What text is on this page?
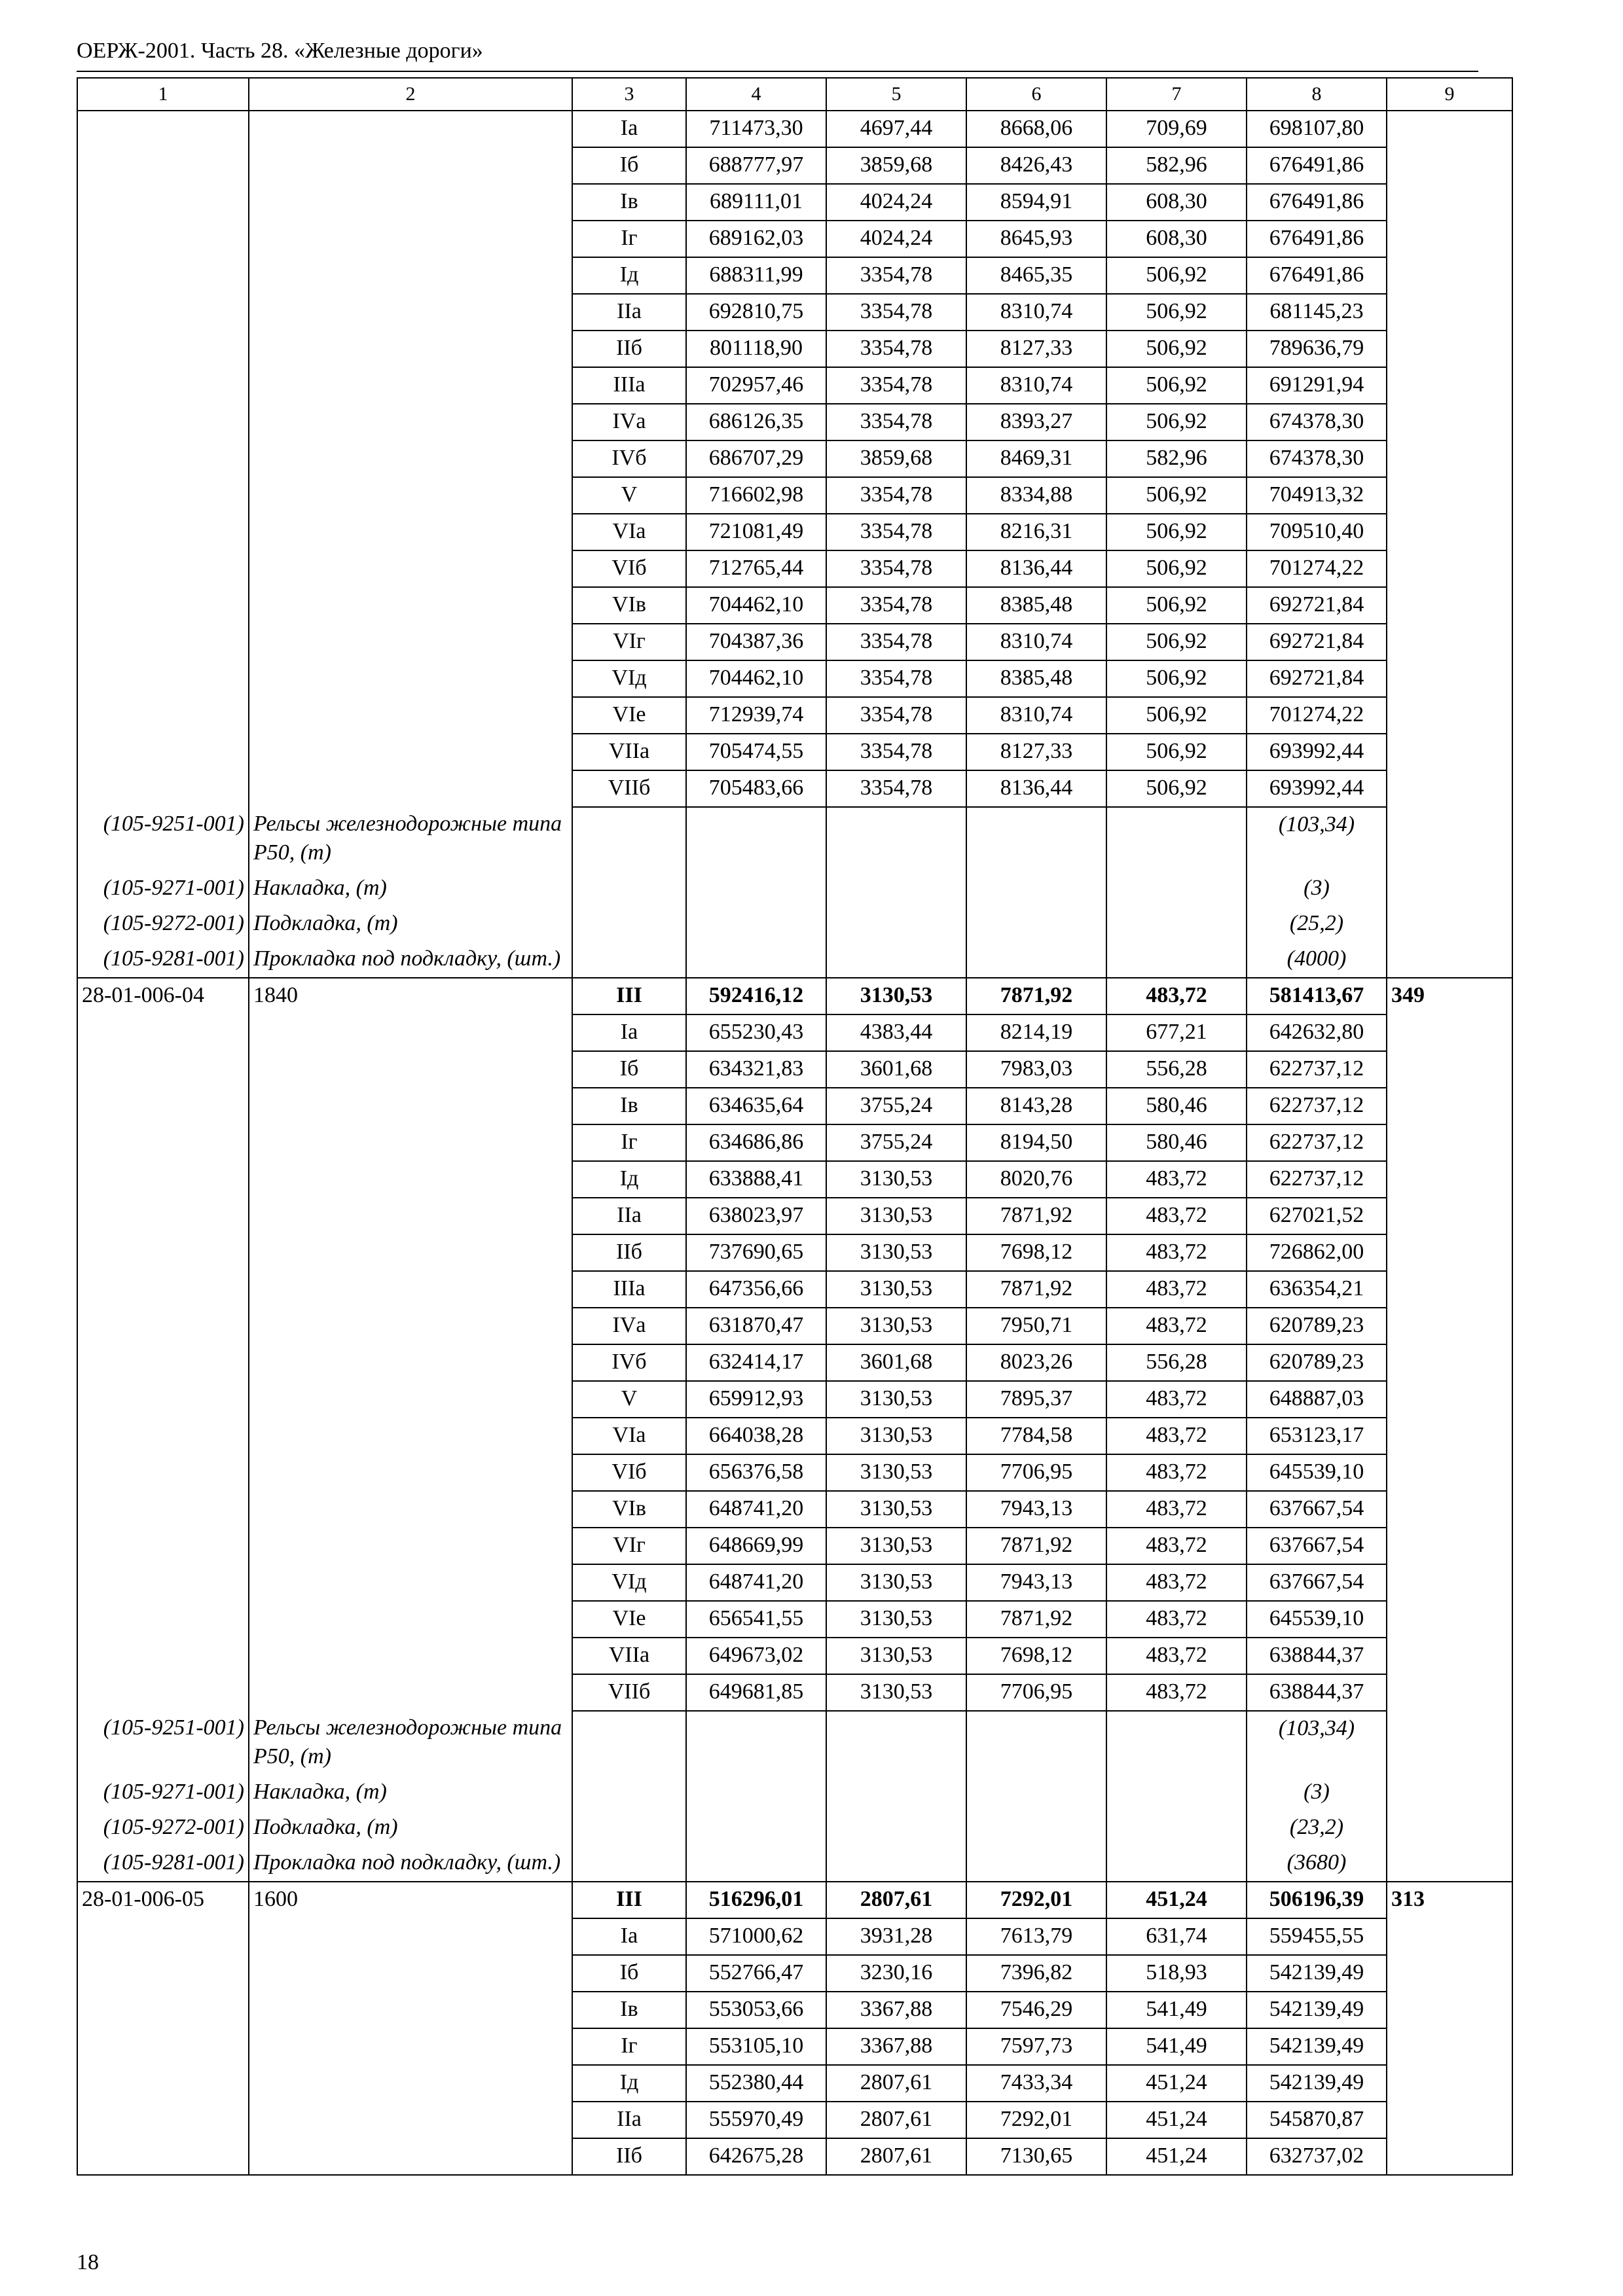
ОЕРЖ-2001. Часть 28. «Железные дороги»
1	2	3	4	5	6	7	8	9
		Iа	711473,30	4697,44	8668,06	709,69	698107,80	
		Iб	688777,97	3859,68	8426,43	582,96	676491,86	
		Iв	689111,01	4024,24	8594,91	608,30	676491,86	
		Iг	689162,03	4024,24	8645,93	608,30	676491,86	
		Iд	688311,99	3354,78	8465,35	506,92	676491,86	
		IIа	692810,75	3354,78	8310,74	506,92	681145,23	
		IIб	801118,90	3354,78	8127,33	506,92	789636,79	
		IIIа	702957,46	3354,78	8310,74	506,92	691291,94	
		IVа	686126,35	3354,78	8393,27	506,92	674378,30	
		IVб	686707,29	3859,68	8469,31	582,96	674378,30	
		V	716602,98	3354,78	8334,88	506,92	704913,32	
		VIа	721081,49	3354,78	8216,31	506,92	709510,40	
		VIб	712765,44	3354,78	8136,44	506,92	701274,22	
		VIв	704462,10	3354,78	8385,48	506,92	692721,84	
		VIг	704387,36	3354,78	8310,74	506,92	692721,84	
		VIд	704462,10	3354,78	8385,48	506,92	692721,84	
		VIе	712939,74	3354,78	8310,74	506,92	701274,22	
		VIIа	705474,55	3354,78	8127,33	506,92	693992,44	
		VIIб	705483,66	3354,78	8136,44	506,92	693992,44	
(105-9251-001)	Рельсы железнодорожные типа Р50, (т)						(103,34)	
(105-9271-001)	Накладка, (т)						(3)	
(105-9272-001)	Подкладка, (т)						(25,2)	
(105-9281-001)	Прокладка под подкладку, (шт.)						(4000)	
28-01-006-04	1840	III	592416,12	3130,53	7871,92	483,72	581413,67	349
		Iа	655230,43	4383,44	8214,19	677,21	642632,80	
		Iб	634321,83	3601,68	7983,03	556,28	622737,12	
		Iв	634635,64	3755,24	8143,28	580,46	622737,12	
		Iг	634686,86	3755,24	8194,50	580,46	622737,12	
		Iд	633888,41	3130,53	8020,76	483,72	622737,12	
		IIа	638023,97	3130,53	7871,92	483,72	627021,52	
		IIб	737690,65	3130,53	7698,12	483,72	726862,00	
		IIIа	647356,66	3130,53	7871,92	483,72	636354,21	
		IVа	631870,47	3130,53	7950,71	483,72	620789,23	
		IVб	632414,17	3601,68	8023,26	556,28	620789,23	
		V	659912,93	3130,53	7895,37	483,72	648887,03	
		VIа	664038,28	3130,53	7784,58	483,72	653123,17	
		VIб	656376,58	3130,53	7706,95	483,72	645539,10	
		VIв	648741,20	3130,53	7943,13	483,72	637667,54	
		VIг	648669,99	3130,53	7871,92	483,72	637667,54	
		VIд	648741,20	3130,53	7943,13	483,72	637667,54	
		VIе	656541,55	3130,53	7871,92	483,72	645539,10	
		VIIа	649673,02	3130,53	7698,12	483,72	638844,37	
		VIIб	649681,85	3130,53	7706,95	483,72	638844,37	
(105-9251-001)	Рельсы железнодорожные типа Р50, (т)						(103,34)	
(105-9271-001)	Накладка, (т)						(3)	
(105-9272-001)	Подкладка, (т)						(23,2)	
(105-9281-001)	Прокладка под подкладку, (шт.)						(3680)	
28-01-006-05	1600	III	516296,01	2807,61	7292,01	451,24	506196,39	313
		Iа	571000,62	3931,28	7613,79	631,74	559455,55	
		Iб	552766,47	3230,16	7396,82	518,93	542139,49	
		Iв	553053,66	3367,88	7546,29	541,49	542139,49	
		Iг	553105,10	3367,88	7597,73	541,49	542139,49	
		Iд	552380,44	2807,61	7433,34	451,24	542139,49	
		IIа	555970,49	2807,61	7292,01	451,24	545870,87	
		IIб	642675,28	2807,61	7130,65	451,24	632737,02	
18
